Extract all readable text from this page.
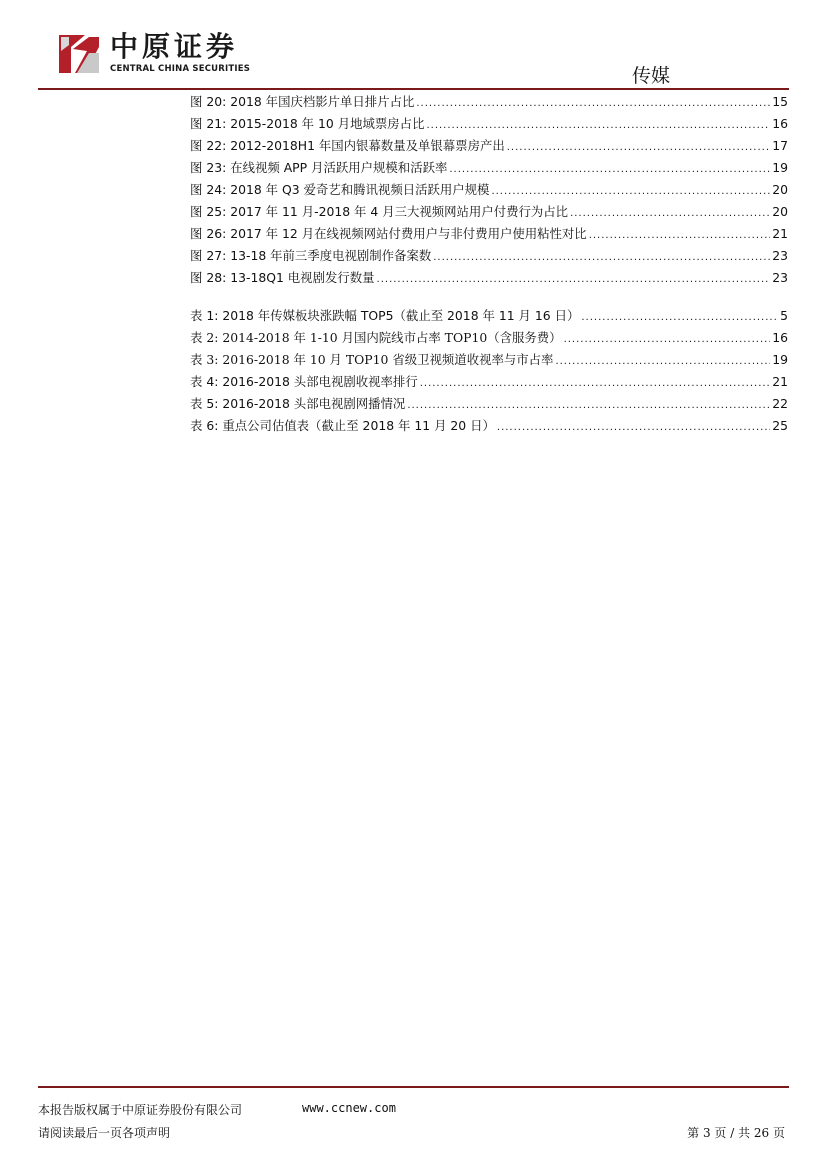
中原证券
CENTRAL CHINA SECURITIES	传媒
图 20: 2018 年国庆档影片单日排片占比 .....	15
图 21: 2015-2018 年 10 月地域票房占比 .....	16
图 22: 2012-2018H1 年国内银幕数量及单银幕票房产出 .....	17
图 23: 在线视频 APP 月活跃用户规模和活跃率 .....	19
图 24: 2018 年 Q3 爱奇艺和腾讯视频日活跃用户规模 .....	20
图 25: 2017 年 11 月-2018 年 4 月三大视频网站用户付费行为占比 .....	20
图 26: 2017 年 12 月在线视频网站付费用户与非付费用户使用粘性对比 .....	21
图 27: 13-18 年前三季度电视剧制作备案数 .....	23
图 28: 13-18Q1 电视剧发行数量 .....	23
表 1: 2018 年传媒板块涨跌幅 TOP5（截止至 2018 年 11 月 16 日） .....	5
表 2: 2014-2018 年 1-10 月国内院线市占率 TOP10（含服务费） .....	16
表 3: 2016-2018 年 10 月 TOP10 省级卫视频道收视率与市占率 .....	19
表 4: 2016-2018 头部电视剧收视率排行 .....	21
表 5: 2016-2018 头部电视剧网播情况 .....	22
表 6: 重点公司估值表（截止至 2018 年 11 月 20 日） .....	25
本报告版权属于中原证券股份有限公司	www.ccnew.com
请阅读最后一页各项声明	第 3 页 / 共 26 页
